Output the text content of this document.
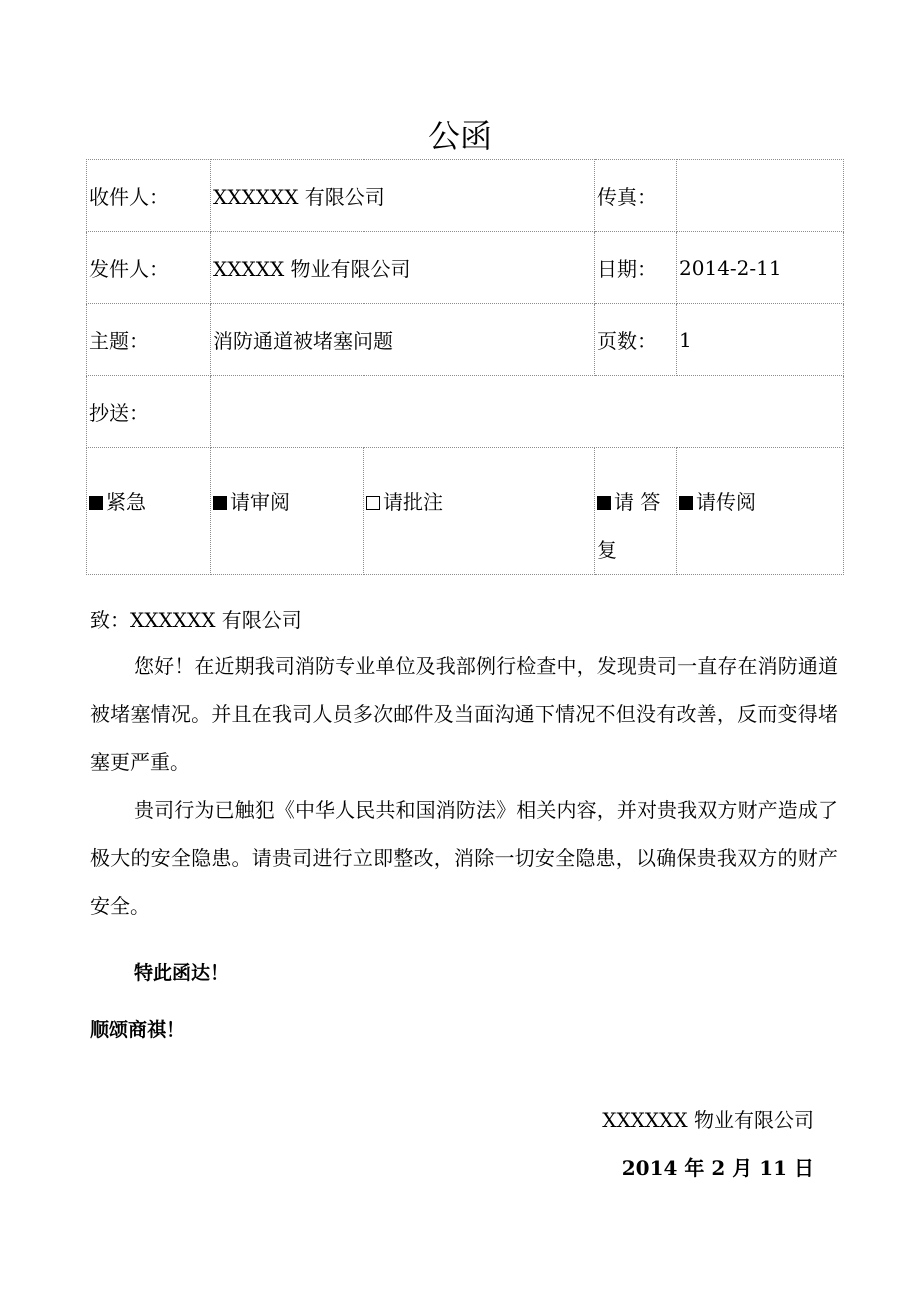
公函
收件人：	XXXXXX 有限公司		传真：	
发件人：	XXXXX 物业有限公司		日期：	2014-2-11
主题：	消防通道被堵塞问题		页数：	1
抄送：				
紧急	请审阅	请批注	请 答 复	请传阅
致：XXXXXX 有限公司
您好！在近期我司消防专业单位及我部例行检查中，发现贵司一直存在消防通道被堵塞情况。并且在我司人员多次邮件及当面沟通下情况不但没有改善，反而变得堵塞更严重。
贵司行为已触犯《中华人民共和国消防法》相关内容，并对贵我双方财产造成了极大的安全隐患。请贵司进行立即整改，消除一切安全隐患，以确保贵我双方的财产安全。
特此函达！
顺颂商祺！
XXXXXX 物业有限公司
2014 年 2 月 11 日
